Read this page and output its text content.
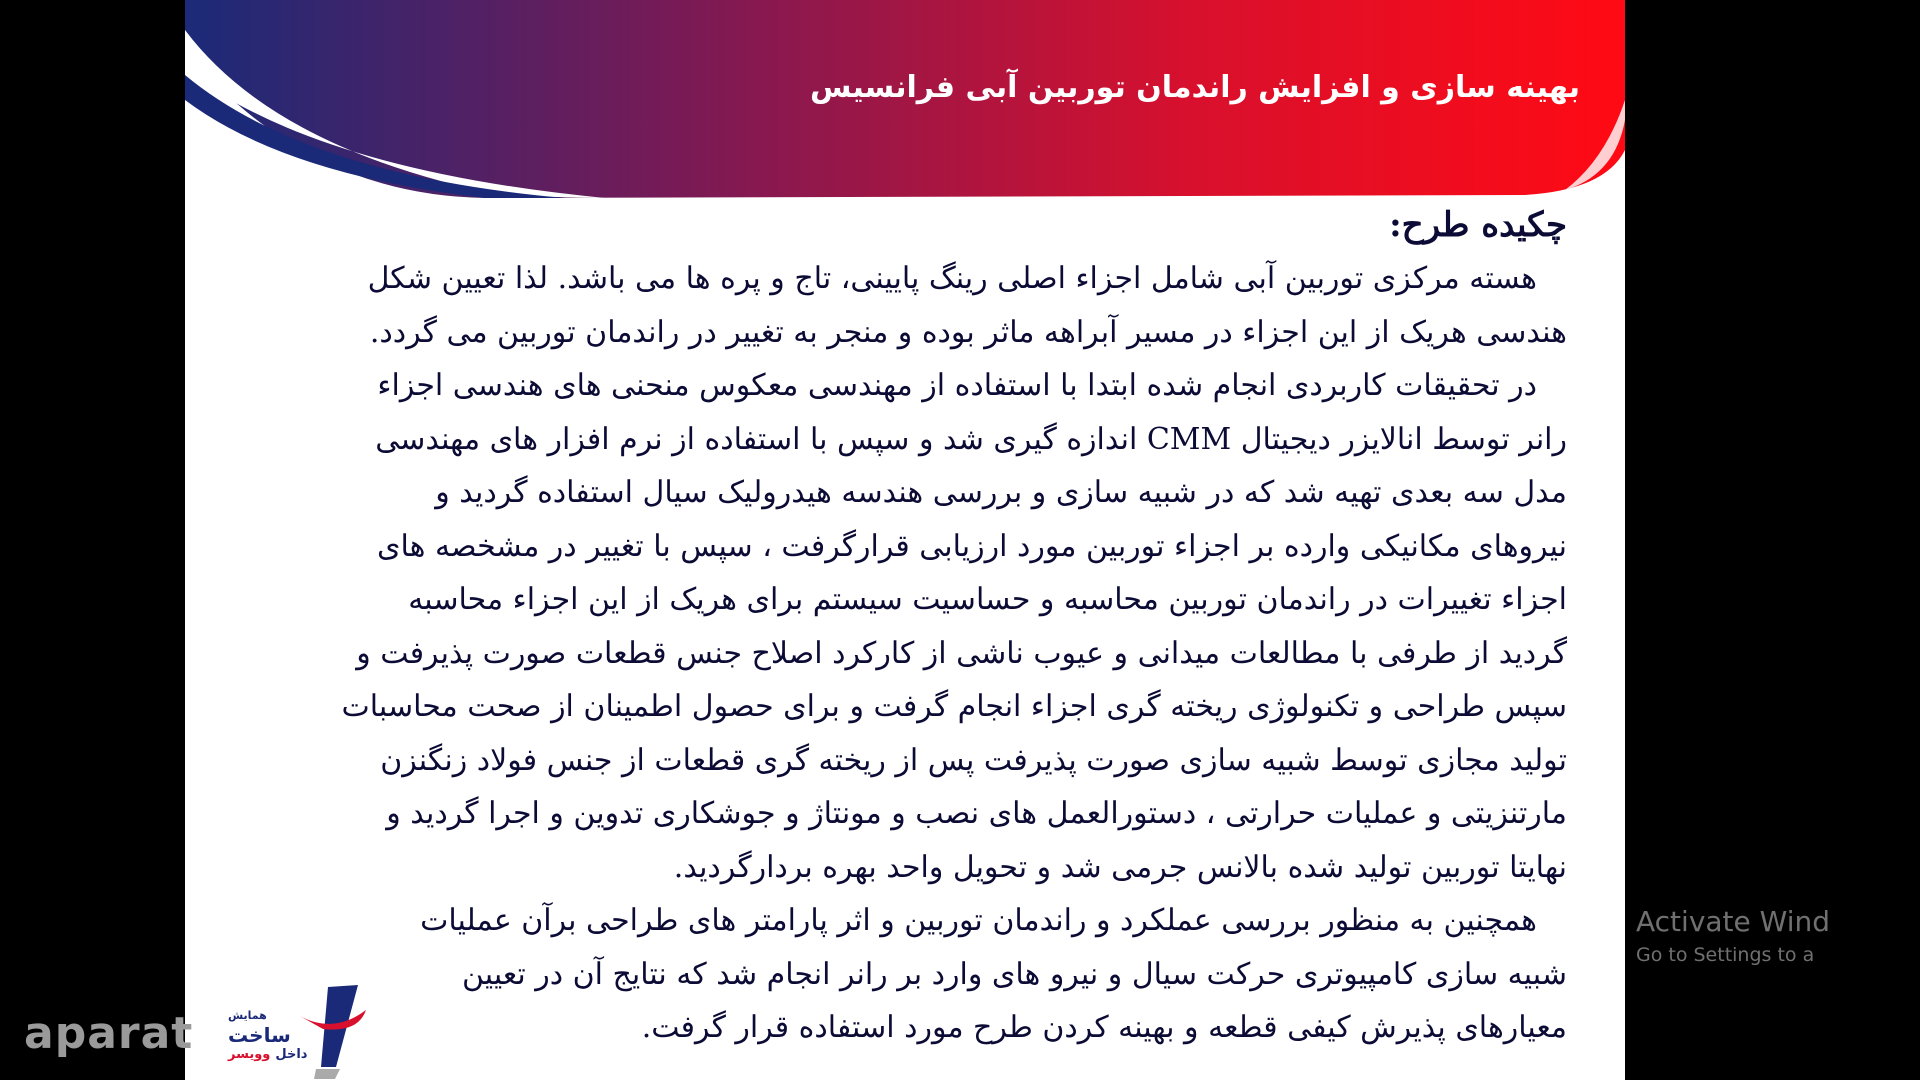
بهینه سازی و افزایش راندمان توربین آبی فرانسیس
چکیده طرح:
هسته مرکزی توربین آبی شامل اجزاء اصلی رینگ پایینی، تاج و پره ها می باشد. لذا تعیین شکل
هندسی هریک از این اجزاء در مسیر آبراهه ماثر بوده و منجر به تغییر در راندمان توربین می گردد.
در تحقیقات کاربردی انجام شده ابتدا با استفاده از مهندسی معکوس منحنی های هندسی اجزاء
رانر توسط انالایزر دیجیتال CMM اندازه گیری شد و سپس با استفاده از نرم افزار های مهندسی
مدل سه بعدی تهیه شد که در شبیه سازی و بررسی هندسه هیدرولیک سیال استفاده گردید و
نیروهای مکانیکی وارده بر اجزاء توربین مورد ارزیابی قرارگرفت ، سپس با تغییر در مشخصه های
اجزاء تغییرات در راندمان توربین محاسبه و حساسیت سیستم برای هریک از این اجزاء محاسبه
گردید از طرفی با مطالعات میدانی و عیوب ناشی از کارکرد اصلاح جنس قطعات صورت پذیرفت و
سپس طراحی و تکنولوژی ریخته گری اجزاء انجام گرفت و برای حصول اطمینان از صحت محاسبات
تولید مجازی توسط شبیه سازی صورت پذیرفت پس از ریخته گری قطعات از جنس فولاد زنگنزن
مارتنزیتی و عملیات حرارتی ، دستورالعمل های نصب و مونتاژ و جوشکاری تدوین و اجرا گردید و
نهایتا توربین تولید شده بالانس جرمی شد و تحویل واحد بهره بردارگردید.
همچنین به منظور بررسی عملکرد و راندمان توربین و اثر پارامتر های طراحی برآن عملیات
شبیه سازی کامپیوتری حرکت سیال و نیرو های وارد بر رانر انجام شد که نتایج آن در تعیین
معیارهای پذیرش کیفی قطعه و بهینه کردن طرح مورد استفاده قرار گرفت.
همایش
ساخت
داخل
وویسر
aparat
Activate Wind
Go to Settings to a
